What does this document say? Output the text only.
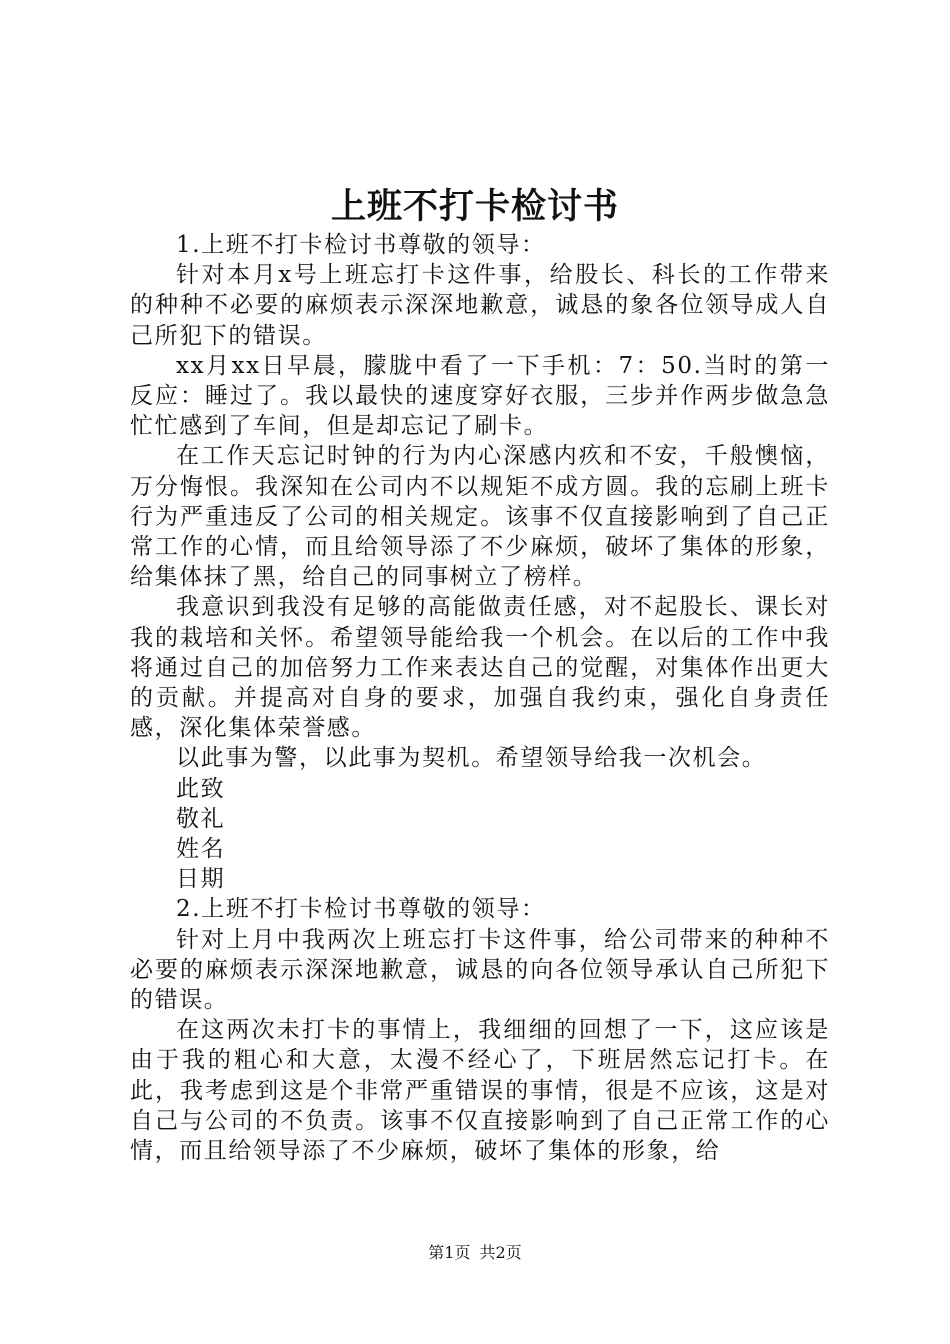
上班不打卡检讨书

1.上班不打卡检讨书尊敬的领导：

针对本月x号上班忘打卡这件事，给股长、科长的工作带来的种种不必要的麻烦表示深深地歉意，诚恳的象各位领导成人自己所犯下的错误。

xx月xx日早晨，朦胧中看了一下手机：7：50.当时的第一反应：睡过了。我以最快的速度穿好衣服，三步并作两步做急急忙忙感到了车间，但是却忘记了刷卡。

在工作天忘记时钟的行为内心深感内疚和不安，千般懊恼，万分悔恨。我深知在公司内不以规矩不成方圆。我的忘刷上班卡行为严重违反了公司的相关规定。该事不仅直接影响到了自己正常工作的心情，而且给领导添了不少麻烦，破坏了集体的形象，给集体抹了黑，给自己的同事树立了榜样。

我意识到我没有足够的高能做责任感，对不起股长、课长对我的栽培和关怀。希望领导能给我一个机会。在以后的工作中我将通过自己的加倍努力工作来表达自己的觉醒，对集体作出更大的贡献。并提高对自身的要求，加强自我约束，强化自身责任感，深化集体荣誉感。

以此事为警，以此事为契机。希望领导给我一次机会。

此致

敬礼

姓名

日期

2.上班不打卡检讨书尊敬的领导：

针对上月中我两次上班忘打卡这件事，给公司带来的种种不必要的麻烦表示深深地歉意，诚恳的向各位领导承认自己所犯下的错误。

在这两次未打卡的事情上，我细细的回想了一下，这应该是由于我的粗心和大意，太漫不经心了，下班居然忘记打卡。在此，我考虑到这是个非常严重错误的事情，很是不应该，这是对自己与公司的不负责。该事不仅直接影响到了自己正常工作的心情，而且给领导添了不少麻烦，破坏了集体的形象，给

第1页 共2页
